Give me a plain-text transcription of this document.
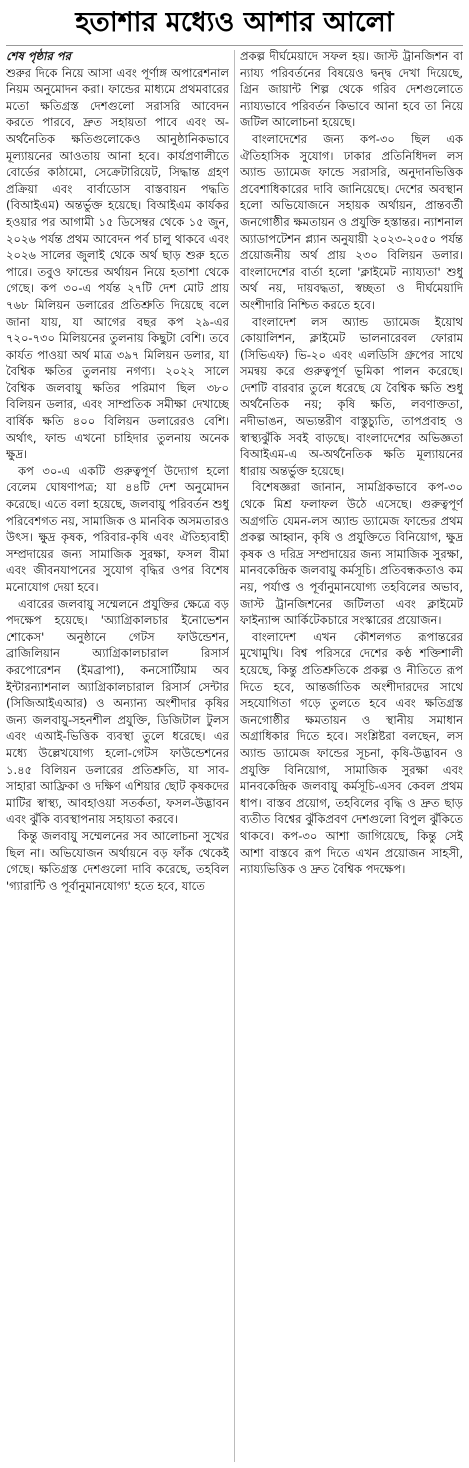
হতাশার মধ্যেও আশার আলো
শেষ পৃষ্ঠার পর

শুরুর দিকে নিয়ে আসা এবং পূর্ণাঙ্গ অপারেশনাল নিয়ম অনুমোদন করা। ফান্ডের মাধ্যমে প্রথমবারের মতো ক্ষতিগ্রস্ত দেশগুলো সরাসরি আবেদন করতে পারবে, দ্রুত সহায়তা পাবে এবং অ-অর্থনৈতিক ক্ষতিগুলোকেও আনুষ্ঠানিকভাবে মূল্যায়নের আওতায় আনা হবে। কার্যপ্রণালীতে বোর্ডের কাঠামো, সেক্রেটারিয়েট, সিদ্ধান্ত গ্রহণ প্রক্রিয়া এবং বার্বাডোস বাস্তবায়ন পদ্ধতি (বিআইএম) অন্তর্ভুক্ত হয়েছে। বিআইএম কার্যকর হওয়ার পর আগামী ১৫ ডিসেম্বর থেকে ১৫ জুন, ২০২৬ পর্যন্ত প্রথম আবেদন পর্ব চালু থাকবে এবং ২০২৬ সালের জুলাই থেকে অর্থ ছাড় শুরু হতে পারে। তবুও ফান্ডের অর্থায়ন নিয়ে হতাশা থেকে গেছে। কপ ৩০-এ পর্যন্ত ২৭টি দেশ মোট প্রায় ৭৬৮ মিলিয়ন ডলারের প্রতিশ্রুতি দিয়েছে বলে জানা যায়, যা আগের বছর কপ ২৯-এর ৭২০-৭৩০ মিলিয়নের তুলনায় কিছুটা বেশি। তবে কার্যত পাওয়া অর্থ মাত্র ৩৯৭ মিলিয়ন ডলার, যা বৈশ্বিক ক্ষতির তুলনায় নগণ্য। ২০২২ সালে বৈশ্বিক জলবায়ু ক্ষতির পরিমাণ ছিল ৩৮০ বিলিয়ন ডলার, এবং সাম্প্রতিক সমীক্ষা দেখাচ্ছে বার্ষিক ক্ষতি ৪০০ বিলিয়ন ডলারেরও বেশি। অর্থাৎ, ফান্ড এখনো চাহিদার তুলনায় অনেক ক্ষুদ্র।

কপ ৩০-এ একটি গুরুত্বপূর্ণ উদ্যোগ হলো বেলেম ঘোষণাপত্র; যা ৪৪টি দেশ অনুমোদন করেছে। এতে বলা হয়েছে, জলবায়ু পরিবর্তন শুধু পরিবেশগত নয়, সামাজিক ও মানবিক অসমতারও উৎস। ক্ষুদ্র কৃষক, পরিবার-কৃষি এবং ঐতিহ্যবাহী সম্প্রদায়ের জন্য সামাজিক সুরক্ষা, ফসল বীমা এবং জীবনযাপনের সুযোগ বৃদ্ধির ওপর বিশেষ মনোযোগ দেয়া হবে।

এবারের জলবায়ু সম্মেলনে প্রযুক্তির ক্ষেত্রে বড় পদক্ষেপ হয়েছে। 'অ্যাগ্রিকালচার ইনোভেশন শোকেস' অনুষ্ঠানে গেটস ফাউন্ডেশন, ব্রাজিলিয়ান অ্যাগ্রিকালচারাল রিসার্স করপোরেশন (ইমব্রাপা), কনসোর্টিয়াম অব ইন্টারন্যাশনাল অ্যাগ্রিকালচারাল রিসার্স সেন্টার (সিজিআইএআর) ও অন্যান্য অংশীদার কৃষির জন্য জলবায়ু-সহনশীল প্রযুক্তি, ডিজিটাল টুলস এবং এআই-ভিত্তিক ব্যবস্থা তুলে ধরেছে। এর মধ্যে উল্লেখযোগ্য হলো-গেটস ফাউন্ডেশনের ১.৪৫ বিলিয়ন ডলারের প্রতিশ্রুতি, যা সাব-সাহারা আফ্রিকা ও দক্ষিণ এশিয়ার ছোট কৃষকদের মাটির স্বাস্থ্য, আবহাওয়া সতর্কতা, ফসল-উদ্ভাবন এবং ঝুঁকি ব্যবস্থাপনায় সহায়তা করবে।

কিন্তু জলবায়ু সম্মেলনের সব আলোচনা সুখের ছিল না। অভিযোজন অর্থায়নে বড় ফাঁক থেকেই গেছে। ক্ষতিগ্রস্ত দেশগুলো দাবি করেছে, তহবিল 'গ্যারান্টি ও পূর্বানুমানযোগ্য' হতে হবে, যাতে

প্রকল্প দীর্ঘমেয়াদে সফল হয়। জাস্ট ট্রানজিশন বা ন্যায্য পরিবর্তনের বিষয়েও দ্বন্দ্ব দেখা দিয়েছে, গ্রিন জায়ান্ট শিল্প থেকে গরিব দেশগুলোতে ন্যায্যভাবে পরিবর্তন কিভাবে আনা হবে তা নিয়ে জটিল আলোচনা হয়েছে।

বাংলাদেশের জন্য কপ-৩০ ছিল এক ঐতিহাসিক সুযোগ। ঢাকার প্রতিনিধিদল লস অ্যান্ড ড্যামেজ ফান্ডে সরাসরি, অনুদানভিত্তিক প্রবেশাধিকারের দাবি জানিয়েছে। দেশের অবস্থান হলো অভিযোজনে সহায়ক অর্থায়ন, প্রান্তবর্তী জনগোষ্ঠীর ক্ষমতায়ন ও প্রযুক্তি হস্তান্তর। ন্যাশনাল অ্যাডাপটেশন প্ল্যান অনুযায়ী ২০২৩-২০৫০ পর্যন্ত প্রয়োজনীয় অর্থ প্রায় ২৩০ বিলিয়ন ডলার। বাংলাদেশের বার্তা হলো 'ক্লাইমেট ন্যায্যতা' শুধু অর্থ নয়, দায়বদ্ধতা, স্বচ্ছতা ও দীর্ঘমেয়াদি অংশীদারি নিশ্চিত করতে হবে।

বাংলাদেশ লস অ্যান্ড ড্যামেজ ইয়োথ কোয়ালিশন, ক্লাইমেট ভালনারেবল ফোরাম (সিভিএফ) ভি-২০ এবং এলডিসি গ্রুপের সাথে সমন্বয় করে গুরুত্বপূর্ণ ভূমিকা পালন করেছে। দেশটি বারবার তুলে ধরেছে যে বৈশ্বিক ক্ষতি শুধু অর্থনৈতিক নয়; কৃষি ক্ষতি, লবণাক্ততা, নদীভাঙন, অভ্যন্তরীণ বাস্তুচ্যুতি, তাপপ্রবাহ ও স্বাস্থ্যঝুঁকি সবই বাড়ছে। বাংলাদেশের অভিজ্ঞতা বিআইএম-এ অ-অর্থনৈতিক ক্ষতি মূল্যায়নের ধারায় অন্তর্ভুক্ত হয়েছে।

বিশেষজ্ঞরা জানান, সামগ্রিকভাবে কপ-৩০ থেকে মিশ্র ফলাফল উঠে এসেছে। গুরুত্বপূর্ণ অগ্রগতি যেমন-লস অ্যান্ড ড্যামেজ ফান্ডের প্রথম প্রকল্প আহ্বান, কৃষি ও প্রযুক্তিতে বিনিয়োগ, ক্ষুদ্র কৃষক ও দরিদ্র সম্প্রদায়ের জন্য সামাজিক সুরক্ষা, মানবকেন্দ্রিক জলবায়ু কর্মসূচি। প্রতিবন্ধকতাও কম নয়, পর্যাপ্ত ও পূর্বানুমানযোগ্য তহবিলের অভাব, জাস্ট ট্রানজিশনের জটিলতা এবং ক্লাইমেট ফাইন্যান্স আর্কিটেকচারে সংস্কারের প্রয়োজন।

বাংলাদেশ এখন কৌশলগত রূপান্তরের মুখোমুখি। বিশ্ব পরিসরে দেশের কণ্ঠ শক্তিশালী হয়েছে, কিন্তু প্রতিশ্রুতিকে প্রকল্প ও নীতিতে রূপ দিতে হবে, আন্তর্জাতিক অংশীদারদের সাথে সহযোগিতা গড়ে তুলতে হবে এবং ক্ষতিগ্রস্ত জনগোষ্ঠীর ক্ষমতায়ন ও স্থানীয় সমাধান অগ্রাধিকার দিতে হবে। সংশ্লিষ্টরা বলছেন, লস অ্যান্ড ড্যামেজ ফান্ডের সূচনা, কৃষি-উদ্ভাবন ও প্রযুক্তি বিনিয়োগ, সামাজিক সুরক্ষা এবং মানবকেন্দ্রিক জলবায়ু কর্মসূচি-এসব কেবল প্রথম ধাপ। বাস্তব প্রয়োগ, তহবিলের বৃদ্ধি ও দ্রুত ছাড় ব্যতীত বিশ্বের ঝুঁকিপ্রবণ দেশগুলো বিপুল ঝুঁকিতে থাকবে। কপ-৩০ আশা জাগিয়েছে, কিন্তু সেই আশা বাস্তবে রূপ দিতে এখন প্রয়োজন সাহসী, ন্যায্যভিত্তিক ও দ্রুত বৈশ্বিক পদক্ষেপ।
